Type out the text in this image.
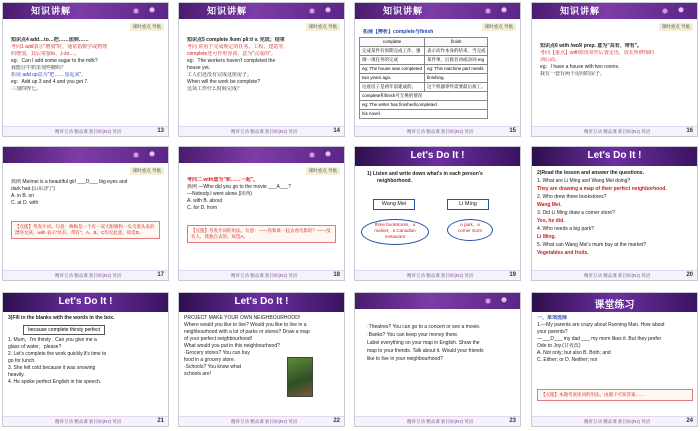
知识讲解
课时重点 导航
知识点4 add…to…把……加到……
考向1 add表示"增加"时，通常指数学或物理
的增加，其后常接to、后to…。
eg：Can I add some sugar to the milk?
我能往牛奶里加些糖吗？
拓展 add up意为"把……加起来"。
eg：Add up 3 and 4 and you get 7.
三加四得七。
精讲互动 精品课 新目标(RJ) 英语	13
知识讲解
课时重点 导航
知识点5 complete /kəmˈpliːt/ v. 完成；结束
考向 常用于完成规定的任务、工程、建造等。
complete还可作形容词，意为"完成的"。
eg：The workers haven't completed the
house yet.
工人们还没有完成这座房子。
When will the work be complete?
这项工作什么时候完成？
精讲互动 精品课 新目标(RJ) 英语	14
知识讲解
课时重点 导航
拓展【辨析】complete与finish
complete	finish
完成某件有预期完成工作、强	表示动作本身的结束，当完成
调一项任务的完成	某件事，后接名词或动词-ing
eg: The house was completed	eg: This machine part needs
two years ago.	finishing.
这座房子是两年前建成的。	这个机器零件需要最后加工。
complete和finish可互换的情况	
eg: The writer has finished/completed	
his novel.	
精讲互动 精品课 新目标(RJ) 英语	15
知识讲解
课时重点 导航
知识点6 with /wɪð/ prep. 意为"具有、带有"。
考向【重点】with短语常作后置定语，放在所修饰的
词后面。
eg：I have a house with two rooms.
我有一套有两个房间的房子。
精讲互动 精品课 新目标(RJ) 英语	16
课时重点 导航
典例 Meimei is a beautiful girl ___D___ big eyes and
dark hair.(山东济宁)
A. in B. on
C. at D. with
【点拨】考查介词。句意：梅梅是一个有一双大眼睛和一头乌黑头发的漂亮女孩。with 表示"具有、带有"，A、B、C均无此意，故选D。
精讲互动 精品课 新目标(RJ) 英语	17
课时重点 导航
考向二 with意为"和……一起"。
典例 —Who did you go to the movie ___A___?
—Nobody.I went alone.(陕西)
A. with B. about
C. for D. from
【点拨】考查介词的用法。句意：——你和谁一起去看电影的？——没有人，我独自去的。故选A。
精讲互动 精品课 新目标(RJ) 英语	18
Let's Do It !
1) Listen and write down what's in each person's
neighborhood.
Wang Mei	Li Ming
three bookstores，a
market，a Canadian
restaurant
a park，a
corner store
精讲互动 精品课 新目标(RJ) 英语	19
Let's Do It !
2)Read the lesson and answer the questions.
1. What are Li Ming and Wang Mei doing?
They are drawing a map of their perfect neighborhood.
2. Who drew three bookstores?
Wang Mei.
3. Did Li Ming draw a corner store?
Yes, he did.
4. Who needs a big park?
Li Ming.
5. What can Wang Mei's mum buy at the market?
Vegetables and fruits.
精讲互动 精品课 新目标(RJ) 英语	20
Let's Do It !
3)Fill in the blanks with the words in the box.
because complete thirsty perfect
1. Mum，I'm thirsty . Can you give me a
glass of water，please?
2. Let's complete the work quickly.It's time to
go for lunch.
3. She felt cold because it was snowing
heavily.
4. He spoke perfect English in his speech.
精讲互动 精品课 新目标(RJ) 英语	21
Let's Do It !
PROJECT MAKE YOUR OWN NEIGHBOURHOOD!
Where would you like to live? Would you like to live in a
neighbourhood with a lot of parks or stores? Draw a map
of your perfect neighbourhood!
What would you put in this neighbourhood?
·Grocery stores? You can buy
food in a grocery store.
·Schools? You know what
schools are!
精讲互动 精品课 新目标(RJ) 英语	22
·Theatres? You can go to a concert or see a movie.
·Banks? You can keep your money there.
Label everything on your map in English. Show the
map to your friends. Talk about it. Would your friends
like to live in your neighbourhood?
精讲互动 精品课 新目标(RJ) 英语	23
课堂练习
一、单项选择
1.—My parents are crazy about Running Man. How about
your parents?
—___D___ my dad ___ my mom likes it. But they prefer
Ode to Joy.(甘孜改)
A. Not only; but also B. Both; and
C. Either; or D. Neither; nor
【点拨】本题考查连词的用法。由题干可知答案……
精讲互动 精品课 新目标(RJ) 英语	24
